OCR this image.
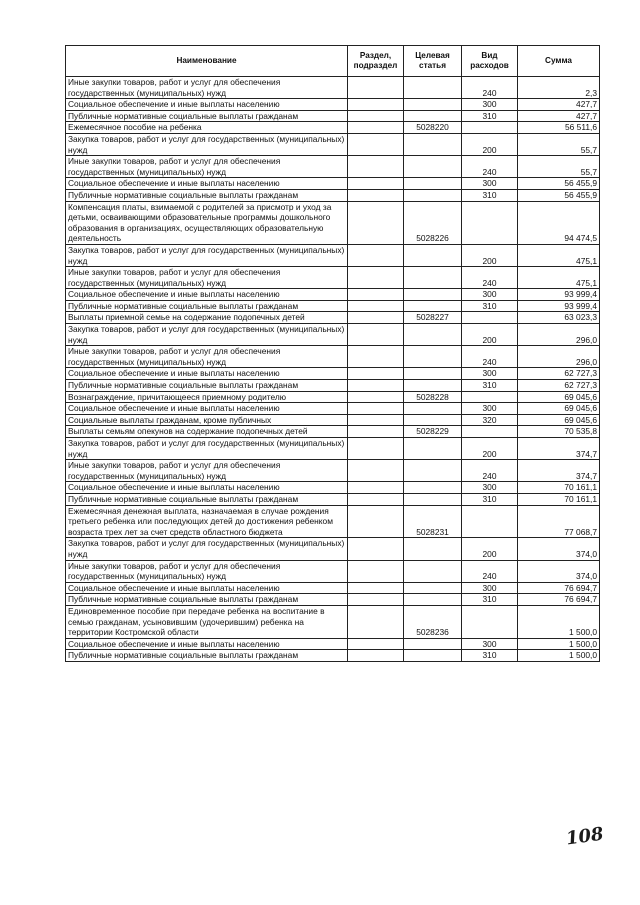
Наименование	Раздел, подраздел	Целевая статья	Вид расходов	Сумма
Иные закупки товаров, работ и услуг для обеспечения государственных (муниципальных) нужд			240	2,3
Социальное обеспечение и иные выплаты населению			300	427,7
Публичные нормативные социальные выплаты гражданам			310	427,7
Ежемесячное пособие на ребенка		5028220		56 511,6
Закупка товаров, работ и услуг для государственных (муниципальных) нужд			200	55,7
Иные закупки товаров, работ и услуг для обеспечения государственных (муниципальных) нужд			240	55,7
Социальное обеспечение и иные выплаты населению			300	56 455,9
Публичные нормативные социальные выплаты гражданам			310	56 455,9
Компенсация платы, взимаемой с родителей за присмотр и уход за детьми, осваивающими образовательные программы дошкольного образования в организациях, осуществляющих образовательную деятельность		5028226		94 474,5
Закупка товаров, работ и услуг для государственных (муниципальных) нужд			200	475,1
Иные закупки товаров, работ и услуг для обеспечения государственных (муниципальных) нужд			240	475,1
Социальное обеспечение и иные выплаты населению			300	93 999,4
Публичные нормативные социальные выплаты гражданам			310	93 999,4
Выплаты приемной семье на содержание подопечных детей		5028227		63 023,3
Закупка товаров, работ и услуг для государственных (муниципальных) нужд			200	296,0
Иные закупки товаров, работ и услуг для обеспечения государственных (муниципальных) нужд			240	296,0
Социальное обеспечение и иные выплаты населению			300	62 727,3
Публичные нормативные социальные выплаты гражданам			310	62 727,3
Вознаграждение, причитающееся приемному родителю		5028228		69 045,6
Социальное обеспечение и иные выплаты населению			300	69 045,6
Социальные выплаты гражданам, кроме публичных			320	69 045,6
Выплаты семьям опекунов на содержание подопечных детей		5028229		70 535,8
Закупка товаров, работ и услуг для государственных (муниципальных) нужд			200	374,7
Иные закупки товаров, работ и услуг для обеспечения государственных (муниципальных) нужд			240	374,7
Социальное обеспечение и иные выплаты населению			300	70 161,1
Публичные нормативные социальные выплаты гражданам			310	70 161,1
Ежемесячная денежная выплата, назначаемая в случае рождения третьего ребенка или последующих детей до достижения ребенком возраста трех лет за счет средств областного бюджета		5028231		77 068,7
Закупка товаров, работ и услуг для государственных (муниципальных) нужд			200	374,0
Иные закупки товаров, работ и услуг для обеспечения государственных (муниципальных) нужд			240	374,0
Социальное обеспечение и иные выплаты населению			300	76 694,7
Публичные нормативные социальные выплаты гражданам			310	76 694,7
Единовременное пособие при передаче ребенка на воспитание в семью гражданам, усыновившим (удочерившим) ребенка на территории Костромской области		5028236		1 500,0
Социальное обеспечение и иные выплаты населению			300	1 500,0
Публичные нормативные социальные выплаты гражданам			310	1 500,0
108
